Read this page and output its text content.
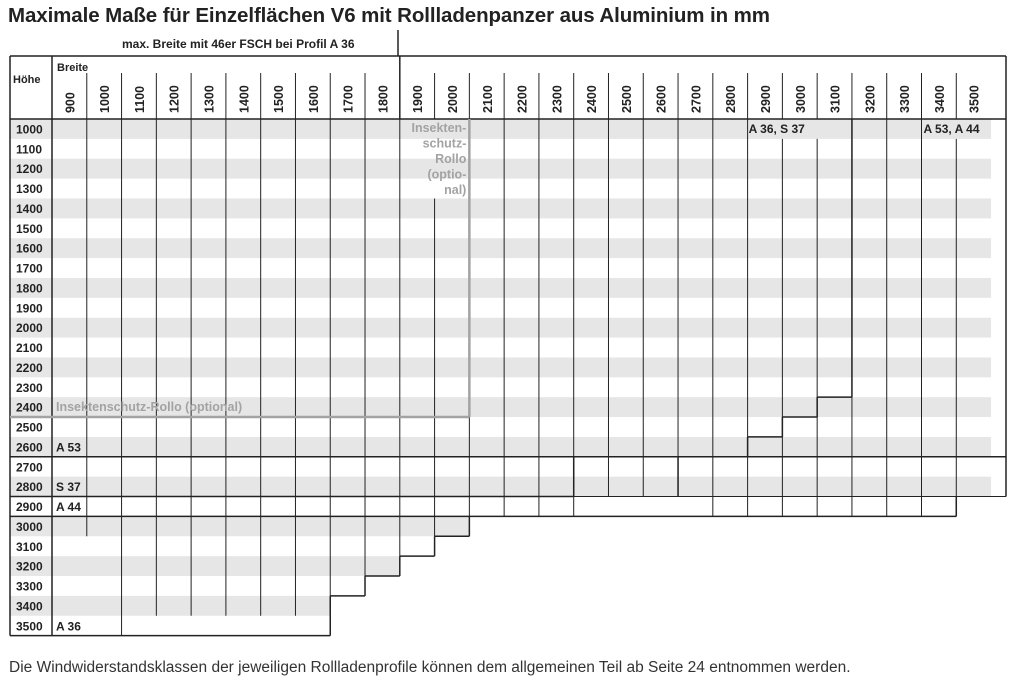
Maximale Maße für Einzelflächen V6 mit Rollladenpanzer aus Aluminium in mm
1000
1100
1200
1300
1400
1500
1600
1700
1800
1900
2000
2100
2200
2300
2400
2500
2600
2700
2800
2900
3000
3100
3200
3300
3400
3500
Höhe
Breite
max. Breite mit 46er FSCH bei Profil A 36
900 1000 1100 1200 1300 1400 1500 1600 1700 1800 1900 2000 2100 2200 2300 2400 2500 2600 2700 2800 2900 3000 3100 3200 3300 3400 3500
A 53
S 37
A 44
A 36
A 36, S 37	A 53, A 44
Insektenschutz-Rollo (optional)
Insekten-
schutz-
Rollo
(optio-
nal)
Die Windwiderstandsklassen der jeweiligen Rollladenprofile können dem allgemeinen Teil ab Seite 24 entnommen werden.
